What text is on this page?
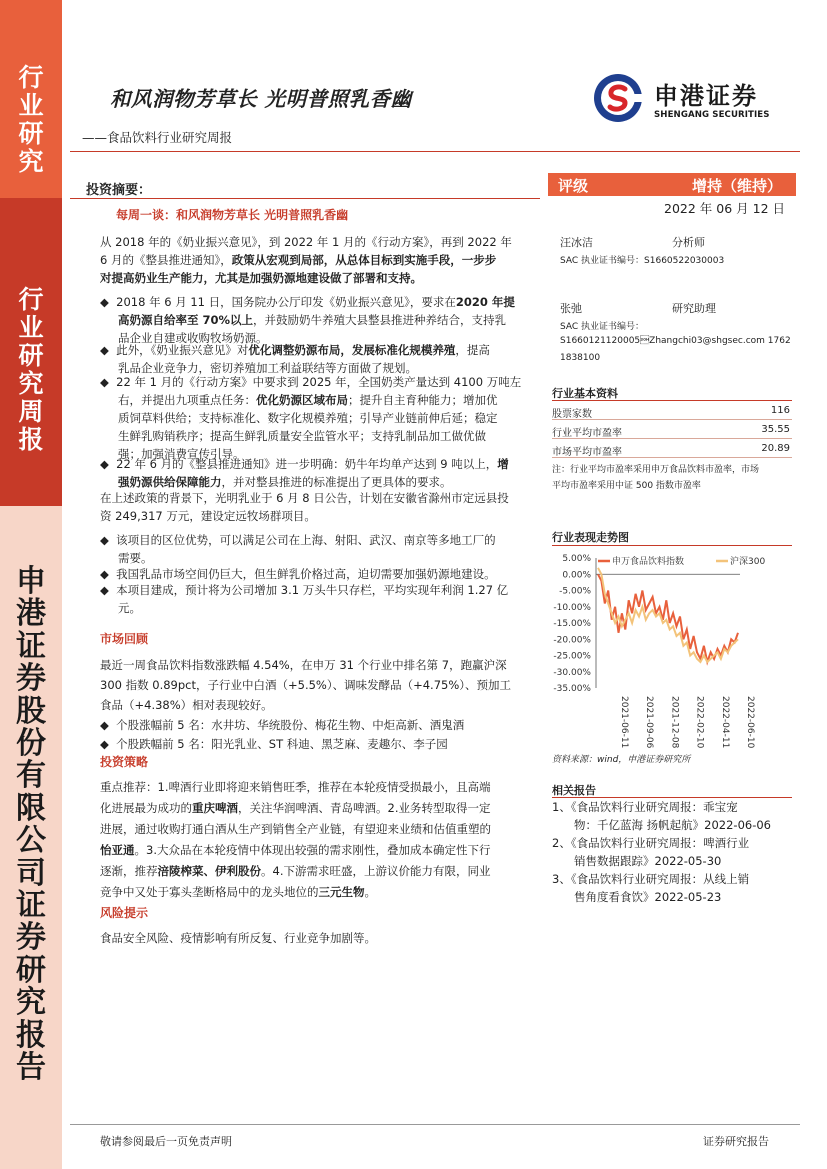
行
业
研
究
行
业
研
究
周
报
申
港
证
券
股
份
有
限
公
司
证
券
研
究
报
告
和风润物芳草长 光明普照乳香幽
——食品饮料行业研究周报
申港证券
SHENGANG SECURITIES
投资摘要：
每周一谈：和风润物芳草长 光明普照乳香幽
从 2018 年的《奶业振兴意见》，到 2022 年 1 月的《行动方案》，再到 2022 年
6 月的《整县推进通知》，政策从宏观到局部，从总体目标到实施手段，一步步
对提高奶业生产能力，尤其是加强奶源地建设做了部署和支持。
◆  2018 年 6 月 11 日，国务院办公厅印发《奶业振兴意见》，要求在2020 年提
高奶源自给率至 70%以上，并鼓励奶牛养殖大县整县推进种养结合，支持乳
品企业自建或收购牧场奶源。
◆  此外，《奶业振兴意见》对优化调整奶源布局，发展标准化规模养殖，提高
乳品企业竞争力，密切养殖加工利益联结等方面做了规划。
◆  22 年 1 月的《行动方案》中要求到 2025 年，全国奶类产量达到 4100 万吨左
右，并提出九项重点任务：优化奶源区域布局；提升自主育种能力；增加优
质饲草料供给；支持标准化、数字化规模养殖；引导产业链前伸后延；稳定
生鲜乳购销秩序；提高生鲜乳质量安全监管水平；支持乳制品加工做优做
强；加强消费宣传引导。
◆  22 年 6 月的《整县推进通知》进一步明确：奶牛年均单产达到 9 吨以上，增
强奶源供给保障能力，并对整县推进的标准提出了更具体的要求。
在上述政策的背景下，光明乳业于 6 月 8 日公告，计划在安徽省滁州市定远县投
资 249,317 万元，建设定远牧场群项目。
◆  该项目的区位优势，可以满足公司在上海、射阳、武汉、南京等多地工厂的
需要。
◆  我国乳品市场空间仍巨大，但生鲜乳价格过高，迫切需要加强奶源地建设。
◆  本项目建成，预计将为公司增加 3.1 万头牛只存栏，平均实现年利润 1.27 亿
元。
市场回顾
最近一周食品饮料指数涨跌幅 4.54%，在申万 31 个行业中排名第 7，跑赢沪深
300 指数 0.89pct，子行业中白酒（+5.5%）、调味发酵品（+4.75%）、预加工
食品（+4.38%）相对表现较好。
◆  个股涨幅前 5 名：水井坊、华统股份、梅花生物、中炬高新、酒鬼酒
◆  个股跌幅前 5 名：阳光乳业、ST 科迪、黑芝麻、麦趣尔、李子园
投资策略
重点推荐：1.啤酒行业即将迎来销售旺季，推荐在本轮疫情受损最小，且高端
化进展最为成功的重庆啤酒，关注华润啤酒、青岛啤酒。2.业务转型取得一定
进展，通过收购打通白酒从生产到销售全产业链，有望迎来业绩和估值重塑的
怡亚通。3.大众品在本轮疫情中体现出较强的需求刚性，叠加成本确定性下行
逐渐，推荐涪陵榨菜、伊利股份。4.下游需求旺盛，上游议价能力有限，同业
竞争中又处于寡头垄断格局中的龙头地位的三元生物。
风险提示
食品安全风险、疫情影响有所反复、行业竞争加剧等。
评级	增持（维持）
2022 年 06 月 12 日
汪冰洁	分析师
SAC 执业证书编号：S1660522030003
张弛	研究助理
SAC 执业证书编号：
S1660121120005Zhangchi03@shgsec.com 1762
1838100
行业基本资料
股票家数	116
行业平均市盈率	35.55
市场平均市盈率	20.89
注：行业平均市盈率采用申万食品饮料市盈率，市场
平均市盈率采用中证 500 指数市盈率
行业表现走势图
5.00%
0.00%
-5.00%
-10.00%
-15.00%
-20.00%
-25.00%
-30.00%
-35.00%
申万食品饮料指数	沪深300
2021-06-11 2021-09-06 2021-12-08 2022-02-10 2022-04-11 2022-06-10
资料来源：wind，申港证券研究所
相关报告
1、《食品饮料行业研究周报：乖宝宠
物：千亿蓝海 扬帆起航》2022-06-06
2、《食品饮料行业研究周报：啤酒行业
销售数据跟踪》2022-05-30
3、《食品饮料行业研究周报：从线上销
售角度看食饮》2022-05-23
敬请参阅最后一页免责声明	证券研究报告
